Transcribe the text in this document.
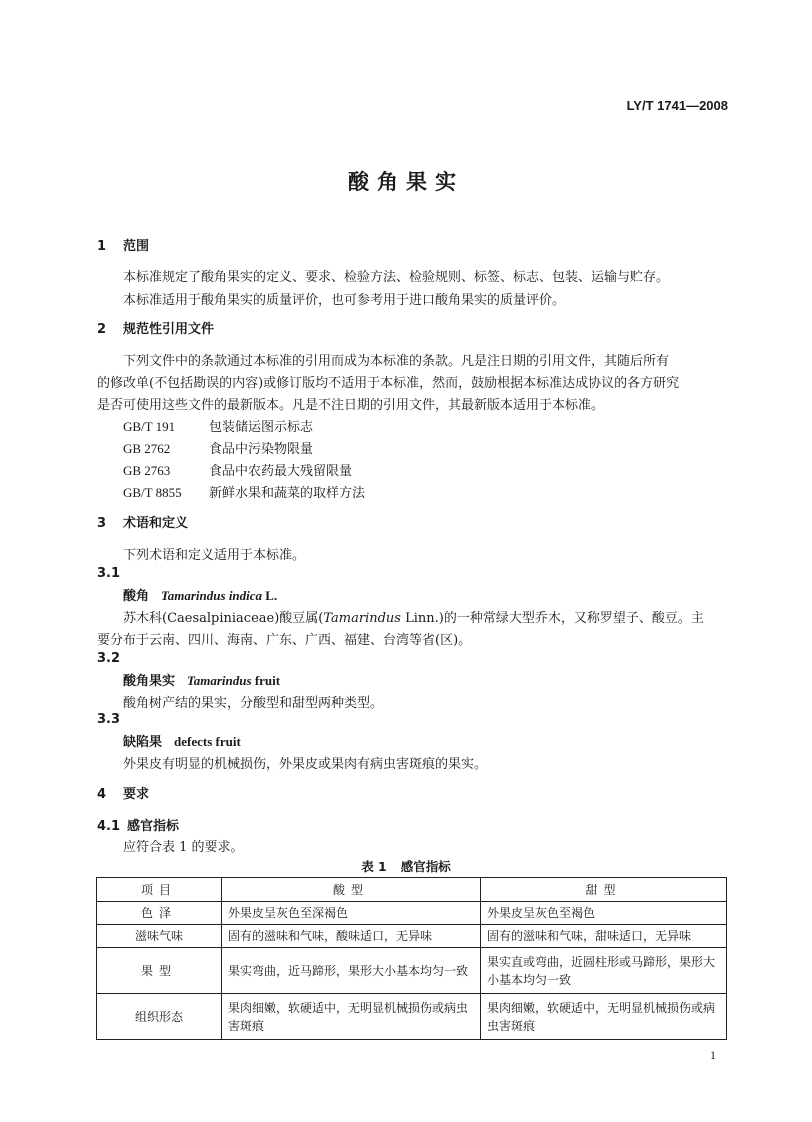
LY/T 1741—2008
酸角果实
1 范围
本标准规定了酸角果实的定义、要求、检验方法、检验规则、标签、标志、包装、运输与贮存。
本标准适用于酸角果实的质量评价，也可参考用于进口酸角果实的质量评价。
2 规范性引用文件
下列文件中的条款通过本标准的引用而成为本标准的条款。凡是注日期的引用文件，其随后所有
的修改单(不包括勘误的内容)或修订版均不适用于本标准，然而，鼓励根据本标准达成协议的各方研究
是否可使用这些文件的最新版本。凡是不注日期的引用文件，其最新版本适用于本标准。
GB/T 191	包装储运图示标志
GB 2762	食品中污染物限量
GB 2763	食品中农药最大残留限量
GB/T 8855 新鲜水果和蔬菜的取样方法
3 术语和定义
下列术语和定义适用于本标准。
3.1
酸角 Tamarindus indica L.
苏木科(Caesalpiniaceae)酸豆属(Tamarindus Linn.)的一种常绿大型乔木，又称罗望子、酸豆。主
要分布于云南、四川、海南、广东、广西、福建、台湾等省(区)。
3.2
酸角果实 Tamarindus fruit
酸角树产结的果实，分酸型和甜型两种类型。
3.3
缺陷果 defects fruit
外果皮有明显的机械损伤，外果皮或果肉有病虫害斑痕的果实。
4 要求
4.1 感官指标
应符合表 1 的要求。
表 1 感官指标
项目	酸型	甜型
色泽	外果皮呈灰色至深褐色	外果皮呈灰色至褐色
滋味气味	固有的滋味和气味，酸味适口，无异味	固有的滋味和气味，甜味适口，无异味
果型	果实弯曲，近马蹄形，果形大小基本均匀一致	果实直或弯曲，近圆柱形或马蹄形，果形大小基本均匀一致
组织形态	果肉细嫩，软硬适中，无明显机械损伤或病虫害斑痕	果肉细嫩，软硬适中，无明显机械损伤或病虫害斑痕
1
